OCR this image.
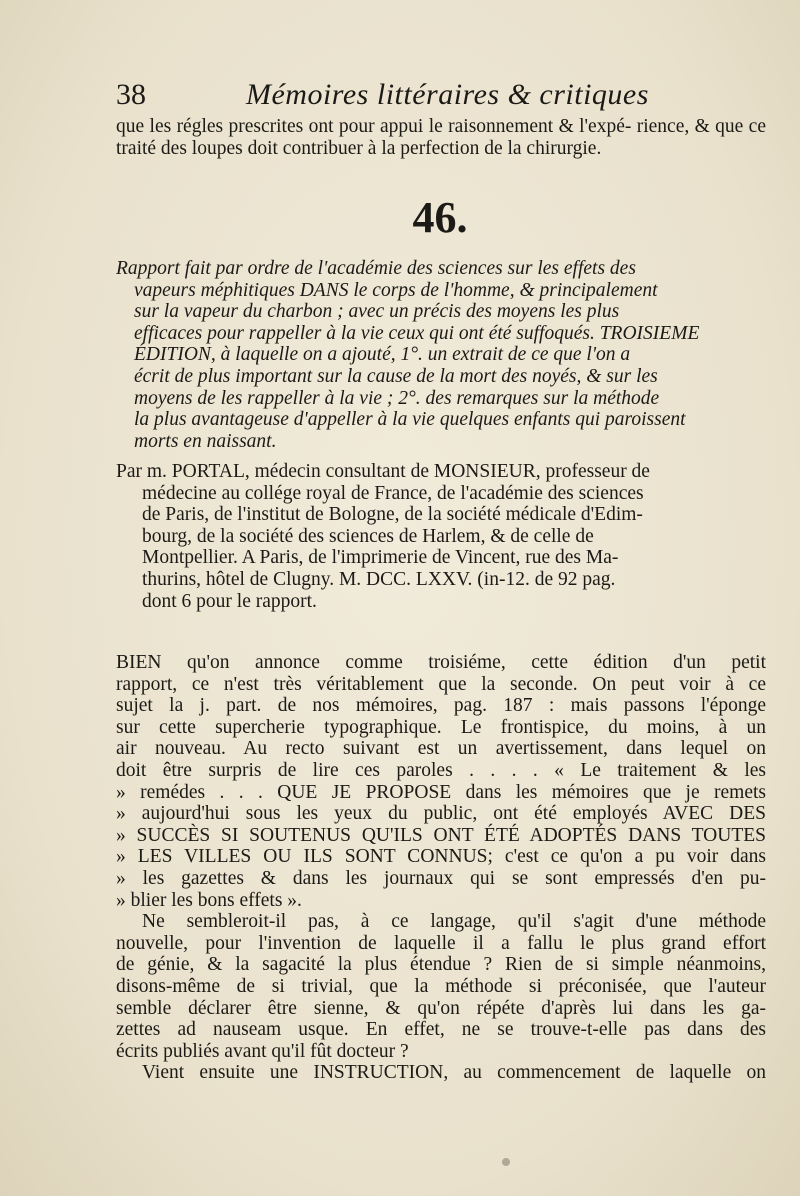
38	Mémoires littéraires & critiques

que les régles prescrites ont pour appui le raisonnement & l'expé- rience, & que ce traité des loupes doit contribuer à la perfection de la chirurgie.

46.

Rapport fait par ordre de l'académie des sciences sur les effets des
vapeurs méphitiques DANS le corps de l'homme, & principalement
sur la vapeur du charbon ; avec un précis des moyens les plus
efficaces pour rappeller à la vie ceux qui ont été suffoqués. TROISIEME
ÉDITION, à laquelle on a ajouté, 1°. un extrait de ce que l'on a
écrit de plus important sur la cause de la mort des noyés, & sur les
moyens de les rappeller à la vie ; 2°. des remarques sur la méthode
la plus avantageuse d'appeller à la vie quelques enfants qui paroissent
morts en naissant.

Par m. PORTAL, médecin consultant de MONSIEUR, professeur de
médecine au collége royal de France, de l'académie des sciences
de Paris, de l'institut de Bologne, de la société médicale d'Edim-
bourg, de la société des sciences de Harlem, & de celle de
Montpellier. A Paris, de l'imprimerie de Vincent, rue des Ma-
thurins, hôtel de Clugny. M. DCC. LXXV. (in-12. de 92 pag.
dont 6 pour le rapport.

BIEN qu'on annonce comme troisiéme, cette édition d'un petit
rapport, ce n'est très véritablement que la seconde. On peut voir à ce
sujet la j. part. de nos mémoires, pag. 187 : mais passons l'éponge
sur cette supercherie typographique. Le frontispice, du moins, à un
air nouveau. Au recto suivant est un avertissement, dans lequel on
doit être surpris de lire ces paroles . . . . « Le traitement & les
» remédes . . . QUE JE PROPOSE dans les mémoires que je remets
» aujourd'hui sous les yeux du public, ont été employés AVEC DES
» SUCCÈS SI SOUTENUS QU'ILS ONT ÉTÉ ADOPTÉS DANS TOUTES
» LES VILLES OU ILS SONT CONNUS; c'est ce qu'on a pu voir dans
» les gazettes & dans les journaux qui se sont empressés d'en pu-
» blier les bons effets ».
Ne sembleroit-il pas, à ce langage, qu'il s'agit d'une méthode
nouvelle, pour l'invention de laquelle il a fallu le plus grand effort
de génie, & la sagacité la plus étendue ? Rien de si simple néanmoins,
disons-même de si trivial, que la méthode si préconisée, que l'auteur
semble déclarer être sienne, & qu'on répéte d'après lui dans les ga-
zettes ad nauseam usque. En effet, ne se trouve-t-elle pas dans des
écrits publiés avant qu'il fût docteur ?
Vient ensuite une INSTRUCTION, au commencement de laquelle on
